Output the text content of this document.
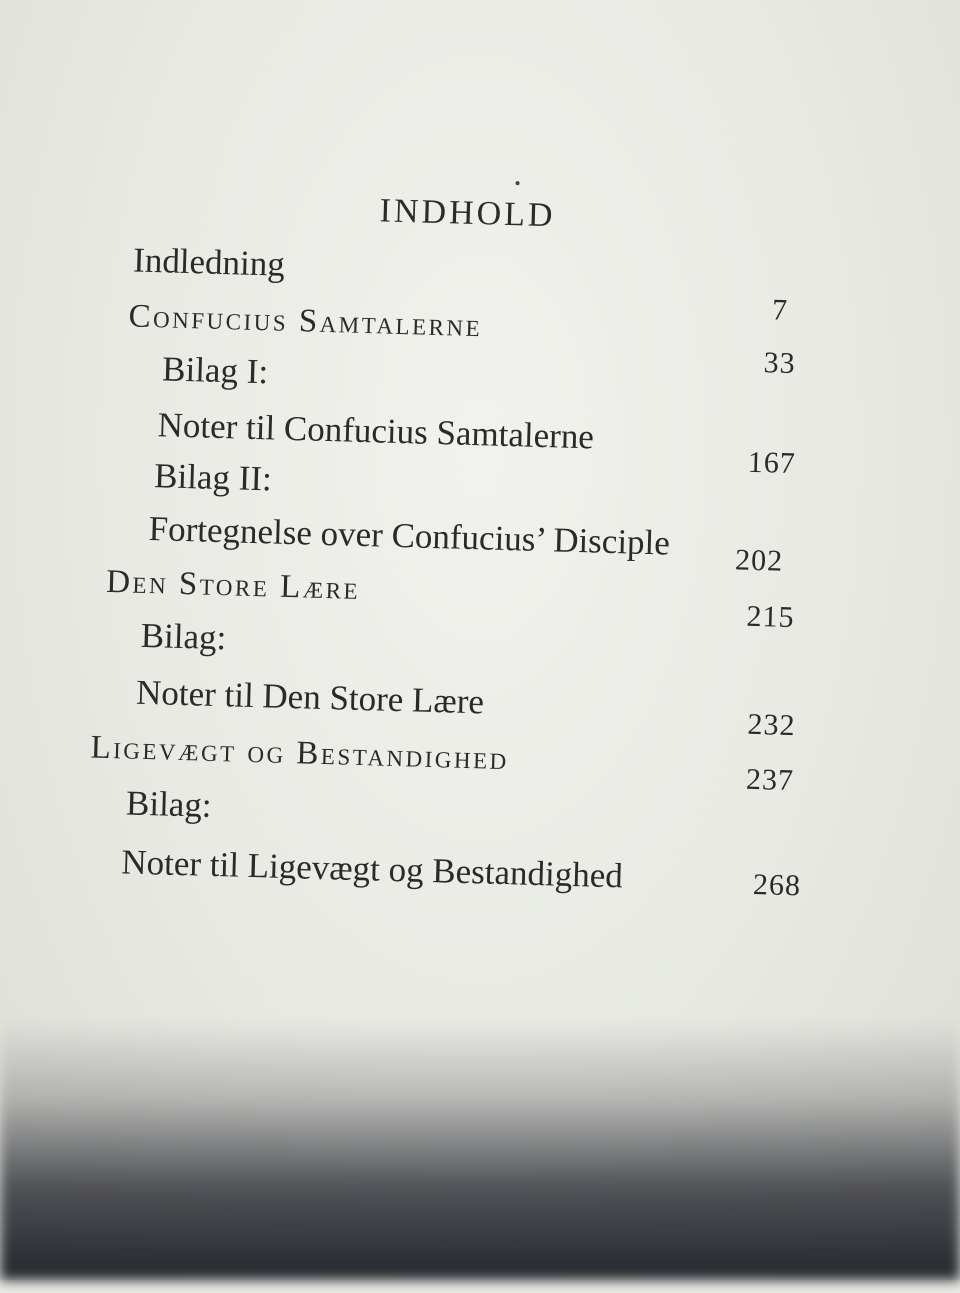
INDHOLD
Indledning
7
Confucius Samtalerne
33
Bilag I:
Noter til Confucius Samtalerne
167
Bilag II:
Fortegnelse over Confucius’ Disciple 202
Den Store Lære
215
Bilag:
Noter til Den Store Lære
232
Ligevægt og Bestandighed
237
Bilag:
Noter til Ligevægt og Bestandighed	268
